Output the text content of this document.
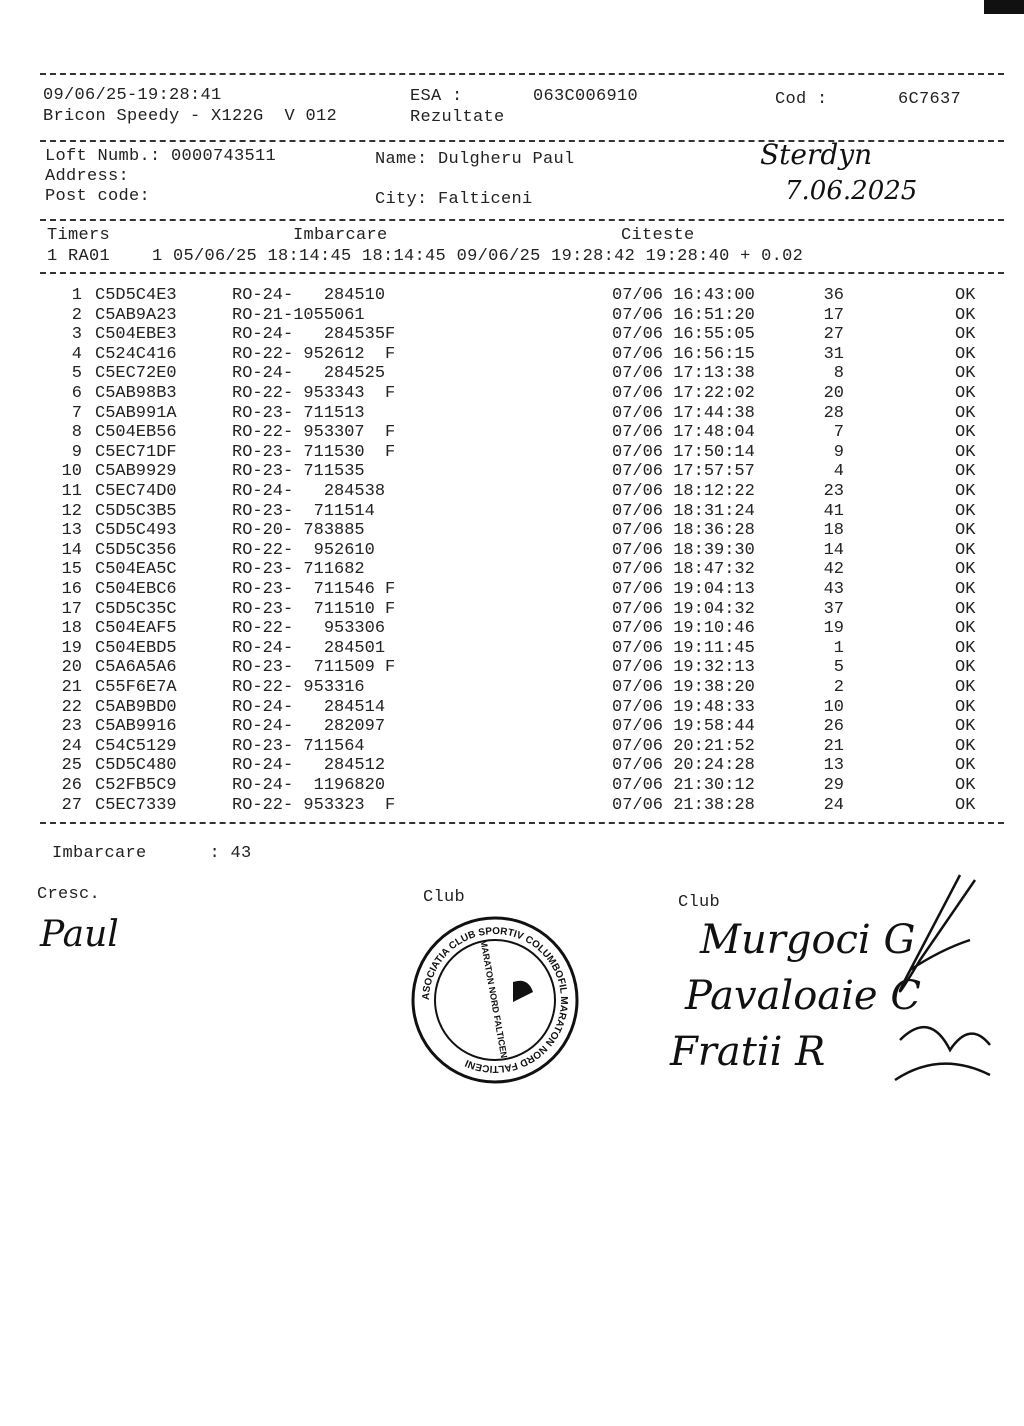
09/06/25-19:28:41
Bricon Speedy - X122G  V 012
ESA :	063C006910
Rezultate
Cod :	6C7637
Loft Numb.: 0000743511
Address:
Post code:
Name: Dulgheru Paul
City: Falticeni
Sterdyn
7.06.2025
Timers	Imbarcare	Citeste
1 RA01    1 05/06/25 18:14:45 18:14:45 09/06/25 19:28:42 19:28:40 + 0.02
1 C5D5C4E3	RO-24-   284510	07/06 16:43:00	36	OK
2 C5AB9A23	RO-21-1055061	07/06 16:51:20	17	OK
3 C504EBE3	RO-24-   284535F	07/06 16:55:05	27	OK
4 C524C416	RO-22- 952612  F	07/06 16:56:15	31	OK
5 C5EC72E0	RO-24-   284525	07/06 17:13:38	8	OK
6 C5AB98B3	RO-22- 953343  F	07/06 17:22:02	20	OK
7 C5AB991A	RO-23- 711513	07/06 17:44:38	28	OK
8 C504EB56	RO-22- 953307  F	07/06 17:48:04	7	OK
9 C5EC71DF	RO-23- 711530  F	07/06 17:50:14	9	OK
10 C5AB9929	RO-23- 711535	07/06 17:57:57	4	OK
11 C5EC74D0	RO-24-   284538	07/06 18:12:22	23	OK
12 C5D5C3B5	RO-23-  711514	07/06 18:31:24	41	OK
13 C5D5C493	RO-20- 783885	07/06 18:36:28	18	OK
14 C5D5C356	RO-22-  952610	07/06 18:39:30	14	OK
15 C504EA5C	RO-23- 711682	07/06 18:47:32	42	OK
16 C504EBC6	RO-23-  711546 F	07/06 19:04:13	43	OK
17 C5D5C35C	RO-23-  711510 F	07/06 19:04:32	37	OK
18 C504EAF5	RO-22-   953306	07/06 19:10:46	19	OK
19 C504EBD5	RO-24-   284501	07/06 19:11:45	1	OK
20 C5A6A5A6	RO-23-  711509 F	07/06 19:32:13	5	OK
21 C55F6E7A	RO-22- 953316	07/06 19:38:20	2	OK
22 C5AB9BD0	RO-24-   284514	07/06 19:48:33	10	OK
23 C5AB9916	RO-24-   282097	07/06 19:58:44	26	OK
24 C54C5129	RO-23- 711564	07/06 20:21:52	21	OK
25 C5D5C480	RO-24-   284512	07/06 20:24:28	13	OK
26 C52FB5C9	RO-24-  1196820	07/06 21:30:12	29	OK
27 C5EC7339	RO-22- 953323  F	07/06 21:38:28	24	OK
Imbarcare      : 43
Cresc.
Paul
Club	Club
ASOCIATIA CLUB SPORTIV COLUMBOFIL MARATON NORD FALTICENI
MARATON NORD FALTICENI	Murgoci G
Pavaloaie C
Fratii R
